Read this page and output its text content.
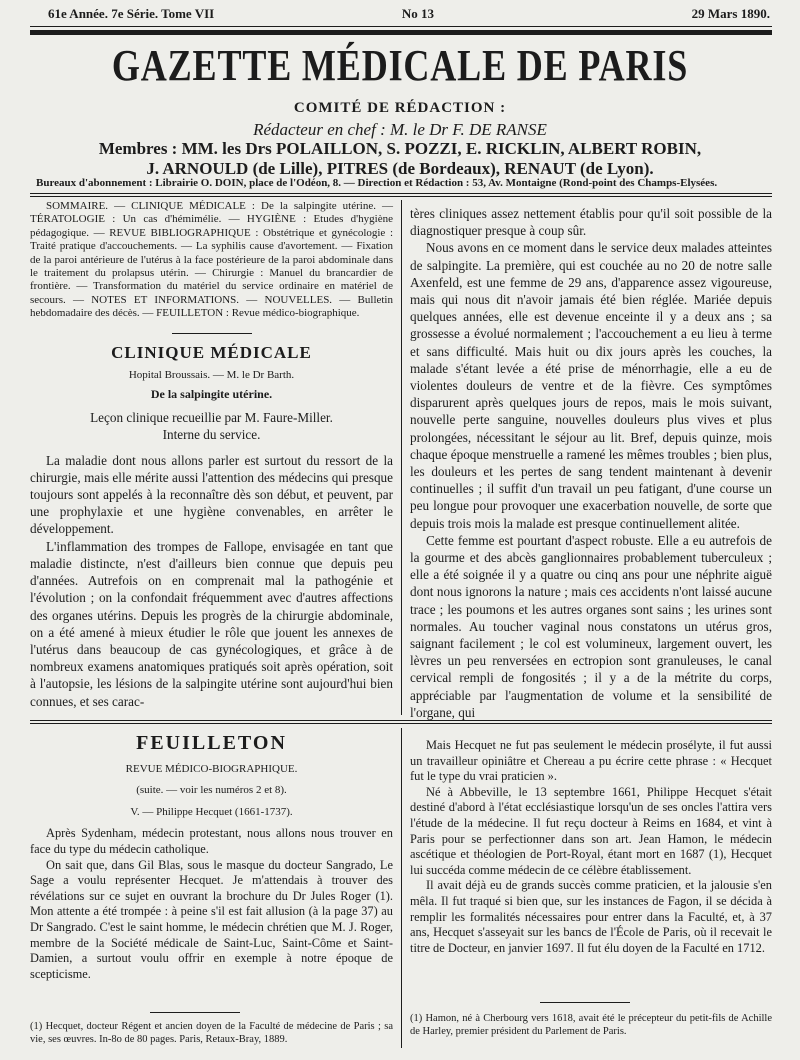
61e Année. 7e Série. Tome VII	No 13	29 Mars 1890.
GAZETTE MÉDICALE DE PARIS
COMITÉ DE RÉDACTION :
Rédacteur en chef : M. le Dr F. DE RANSE
Membres : MM. les Drs POLAILLON, S. POZZI, E. RICKLIN, ALBERT ROBIN,
J. ARNOULD (de Lille), PITRES (de Bordeaux), RENAUT (de Lyon).
Bureaux d'abonnement : Librairie O. DOIN, place de l'Odéon, 8. — Direction et Rédaction : 53, Av. Montaigne (Rond-point des Champs-Elysées.

SOMMAIRE. — CLINIQUE MÉDICALE : De la salpingite utérine. — TÉRATOLOGIE : Un cas d'hémimélie. — HYGIÈNE : Etudes d'hygiène pédagogique. — REVUE BIBLIOGRAPHIQUE : Obstétrique et gynécologie : Traité pratique d'accouchements. — La syphilis cause d'avortement. — Fixation de la paroi antérieure de l'utérus à la face postérieure de la paroi abdominale dans le traitement du prolapsus utérin. — Chirurgie : Manuel du brancardier de frontière. — Transformation du matériel du service ordinaire en matériel de secours. — NOTES ET INFORMATIONS. — NOUVELLES. — Bulletin hebdomadaire des décès. — FEUILLETON : Revue médico-biographique.

CLINIQUE MÉDICALE
Hopital Broussais. — M. le Dr Barth.
De la salpingite utérine.
Leçon clinique recueillie par M. Faure-Miller.
Interne du service.

La maladie dont nous allons parler est surtout du ressort de la chirurgie, mais elle mérite aussi l'attention des médecins qui presque toujours sont appelés à la reconnaître dès son début, et peuvent, par une prophylaxie et une hygiène convenables, en arrêter le développement.

L'inflammation des trompes de Fallope, envisagée en tant que maladie distincte, n'est d'ailleurs bien connue que depuis peu d'années. Autrefois on en comprenait mal la pathogénie et l'évolution ; on la confondait fréquemment avec d'autres affections des organes utérins. Depuis les progrès de la chirurgie abdominale, on a été amené à mieux étudier le rôle que jouent les annexes de l'utérus dans beaucoup de cas gynécologiques, et grâce à de nombreux examens anatomiques pratiqués soit après opération, soit à l'autopsie, les lésions de la salpingite utérine sont aujourd'hui bien connues, et ses carac-

tères cliniques assez nettement établis pour qu'il soit possible de la diagnostiquer presque à coup sûr.

Nous avons en ce moment dans le service deux malades atteintes de salpingite. La première, qui est couchée au no 20 de notre salle Axenfeld, est une femme de 29 ans, d'apparence assez vigoureuse, mais qui nous dit n'avoir jamais été bien réglée. Mariée depuis quelques années, elle est devenue enceinte il y a deux ans ; sa grossesse a évolué normalement ; l'accouchement a eu lieu à terme et sans difficulté. Mais huit ou dix jours après les couches, la malade s'étant levée a été prise de ménorrhagie, elle a eu de violentes douleurs de ventre et de la fièvre. Ces symptômes disparurent après quelques jours de repos, mais le mois suivant, nouvelle perte sanguine, nouvelles douleurs plus vives et plus prolongées, nécessitant le séjour au lit. Bref, depuis quinze, mois chaque époque menstruelle a ramené les mêmes troubles ; bien plus, les douleurs et les pertes de sang tendent maintenant à devenir continuelles ; il suffit d'un travail un peu fatigant, d'une course un peu longue pour provoquer une exacerbation nouvelle, de sorte que depuis trois mois la malade est presque continuellement alitée.

Cette femme est pourtant d'aspect robuste. Elle a eu autrefois de la gourme et des abcès ganglionnaires probablement tuberculeux ; elle a été soignée il y a quatre ou cinq ans pour une néphrite aiguë dont nous ignorons la nature ; mais ces accidents n'ont laissé aucune trace ; les poumons et les autres organes sont sains ; les urines sont normales. Au toucher vaginal nous constatons un utérus gros, saignant facilement ; le col est volumineux, largement ouvert, les lèvres un peu renversées en ectropion sont granuleuses, le canal cervical rempli de fongosités ; il y a de la métrite du corps, appréciable par l'augmentation de volume et la sensibilité de l'organe, qui

FEUILLETON
REVUE MÉDICO-BIOGRAPHIQUE.
(suite. — voir les numéros 2 et 8).
V. — Philippe Hecquet (1661-1737).

Après Sydenham, médecin protestant, nous allons nous trouver en face du type du médecin catholique.

On sait que, dans Gil Blas, sous le masque du docteur Sangrado, Le Sage a voulu représenter Hecquet. Je m'attendais à trouver des révélations sur ce sujet en ouvrant la brochure du Dr Jules Roger (1). Mon attente a été trompée : à peine s'il est fait allusion (à la page 37) au Dr Sangrado. C'est le saint homme, le médecin chrétien que M. J. Roger, membre de la Société médicale de Saint-Luc, Saint-Côme et Saint-Damien, a surtout voulu offrir en exemple à notre époque de scepticisme.

(1) Hecquet, docteur Régent et ancien doyen de la Faculté de médecine de Paris ; sa vie, ses œuvres. In-8o de 80 pages. Paris, Retaux-Bray, 1889.

Mais Hecquet ne fut pas seulement le médecin prosélyte, il fut aussi un travailleur opiniâtre et Chereau a pu écrire cette phrase : « Hecquet fut le type du vrai praticien ».

Né à Abbeville, le 13 septembre 1661, Philippe Hecquet s'était destiné d'abord à l'état ecclésiastique lorsqu'un de ses oncles l'attira vers l'étude de la médecine. Il fut reçu docteur à Reims en 1684, et vint à Paris pour se perfectionner dans son art. Jean Hamon, le médecin ascétique et théologien de Port-Royal, étant mort en 1687 (1), Hecquet lui succéda comme médecin de ce célèbre établissement.

Il avait déjà eu de grands succès comme praticien, et la jalousie s'en mêla. Il fut traqué si bien que, sur les instances de Fagon, il se décida à remplir les formalités nécessaires pour entrer dans la Faculté, et, à 37 ans, Hecquet s'asseyait sur les bancs de l'École de Paris, où il recevait le titre de Docteur, en janvier 1697. Il fut élu doyen de la Faculté en 1712.

(1) Hamon, né à Cherbourg vers 1618, avait été le précepteur du petit-fils de Achille de Harley, premier président du Parlement de Paris.
